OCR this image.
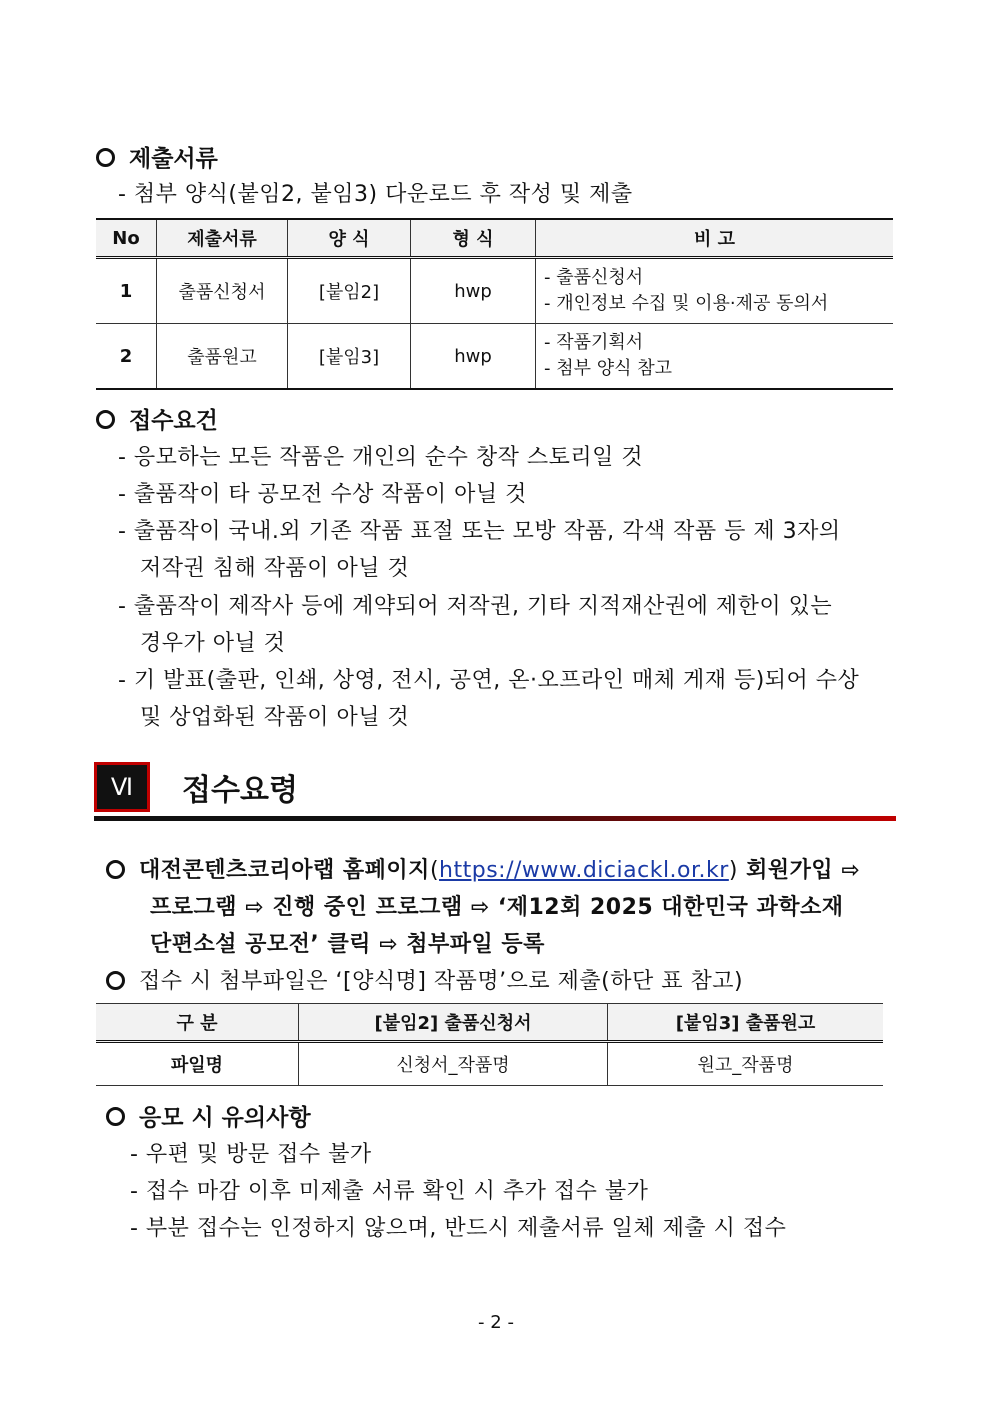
제출서류
- 첨부 양식(붙임2, 붙임3) 다운로드 후 작성 및 제출
No	제출서류	양 식	형 식	비 고
1	출품신청서	[붙임2]	hwp	- 출품신청서
- 개인정보 수집 및 이용·제공 동의서

2	출품원고	[붙임3]	hwp	- 작품기획서
- 첨부 양식 참고
접수요건
- 응모하는 모든 작품은 개인의 순수 창작 스토리일 것
- 출품작이 타 공모전 수상 작품이 아닐 것
- 출품작이 국내.외 기존 작품 표절 또는 모방 작품, 각색 작품 등 제 3자의
저작권 침해 작품이 아닐 것
- 출품작이 제작사 등에 계약되어 저작권, 기타 지적재산권에 제한이 있는
경우가 아닐 것
- 기 발표(출판, 인쇄, 상영, 전시, 공연, 온·오프라인 매체 게재 등)되어 수상
및 상업화된 작품이 아닐 것
Ⅵ	접수요령
대전콘텐츠코리아랩 홈페이지(https://www.diciackl.or.kr) 회원가입 ⇨
프로그램 ⇨ 진행 중인 프로그램 ⇨ ‘제12회 2025 대한민국 과학소재
단편소설 공모전’ 클릭 ⇨ 첨부파일 등록
접수 시 첨부파일은 ‘[양식명] 작품명’으로 제출(하단 표 참고)
구 분	[붙임2] 출품신청서	[붙임3] 출품원고
파일명	신청서_작품명	원고_작품명
응모 시 유의사항
- 우편 및 방문 접수 불가
- 접수 마감 이후 미제출 서류 확인 시 추가 접수 불가
- 부분 접수는 인정하지 않으며, 반드시 제출서류 일체 제출 시 접수
- 2 -
